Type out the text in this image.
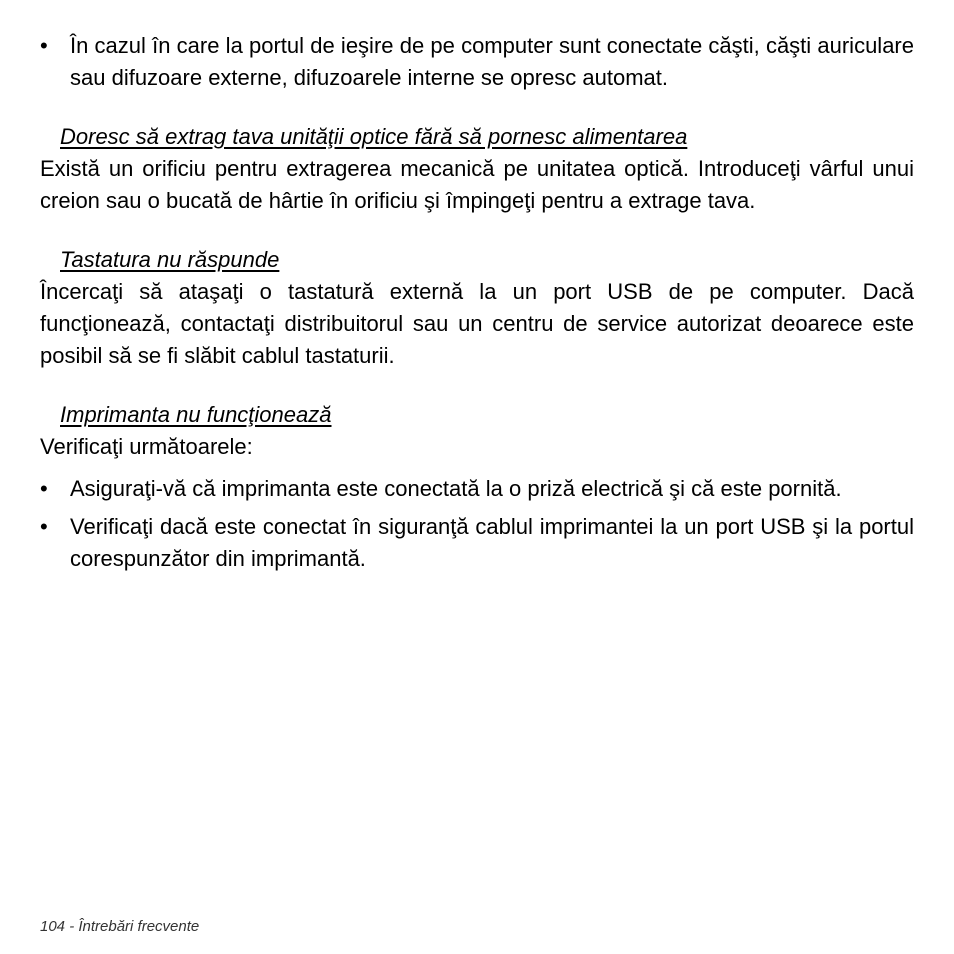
• În cazul în care la portul de ieşire de pe computer sunt conectate căşti, căşti auriculare sau difuzoare externe, difuzoarele interne se opresc automat.

Doresc să extrag tava unităţii optice fără să pornesc alimentarea

Există un orificiu pentru extragerea mecanică pe unitatea optică. Introduceţi vârful unui creion sau o bucată de hârtie în orificiu şi împingeţi pentru a extrage tava.

Tastatura nu răspunde

Încercaţi să ataşaţi o tastatură externă la un port USB de pe computer. Dacă funcţionează, contactaţi distribuitorul sau un centru de service autorizat deoarece este posibil să se fi slăbit cablul tastaturii.

Imprimanta nu funcţionează

Verificaţi următoarele:

• Asiguraţi-vă că imprimanta este conectată la o priză electrică şi că este pornită.

• Verificaţi dacă este conectat în siguranţă cablul imprimantei la un port USB şi la portul corespunzător din imprimantă.

104 - Întrebări frecvente
